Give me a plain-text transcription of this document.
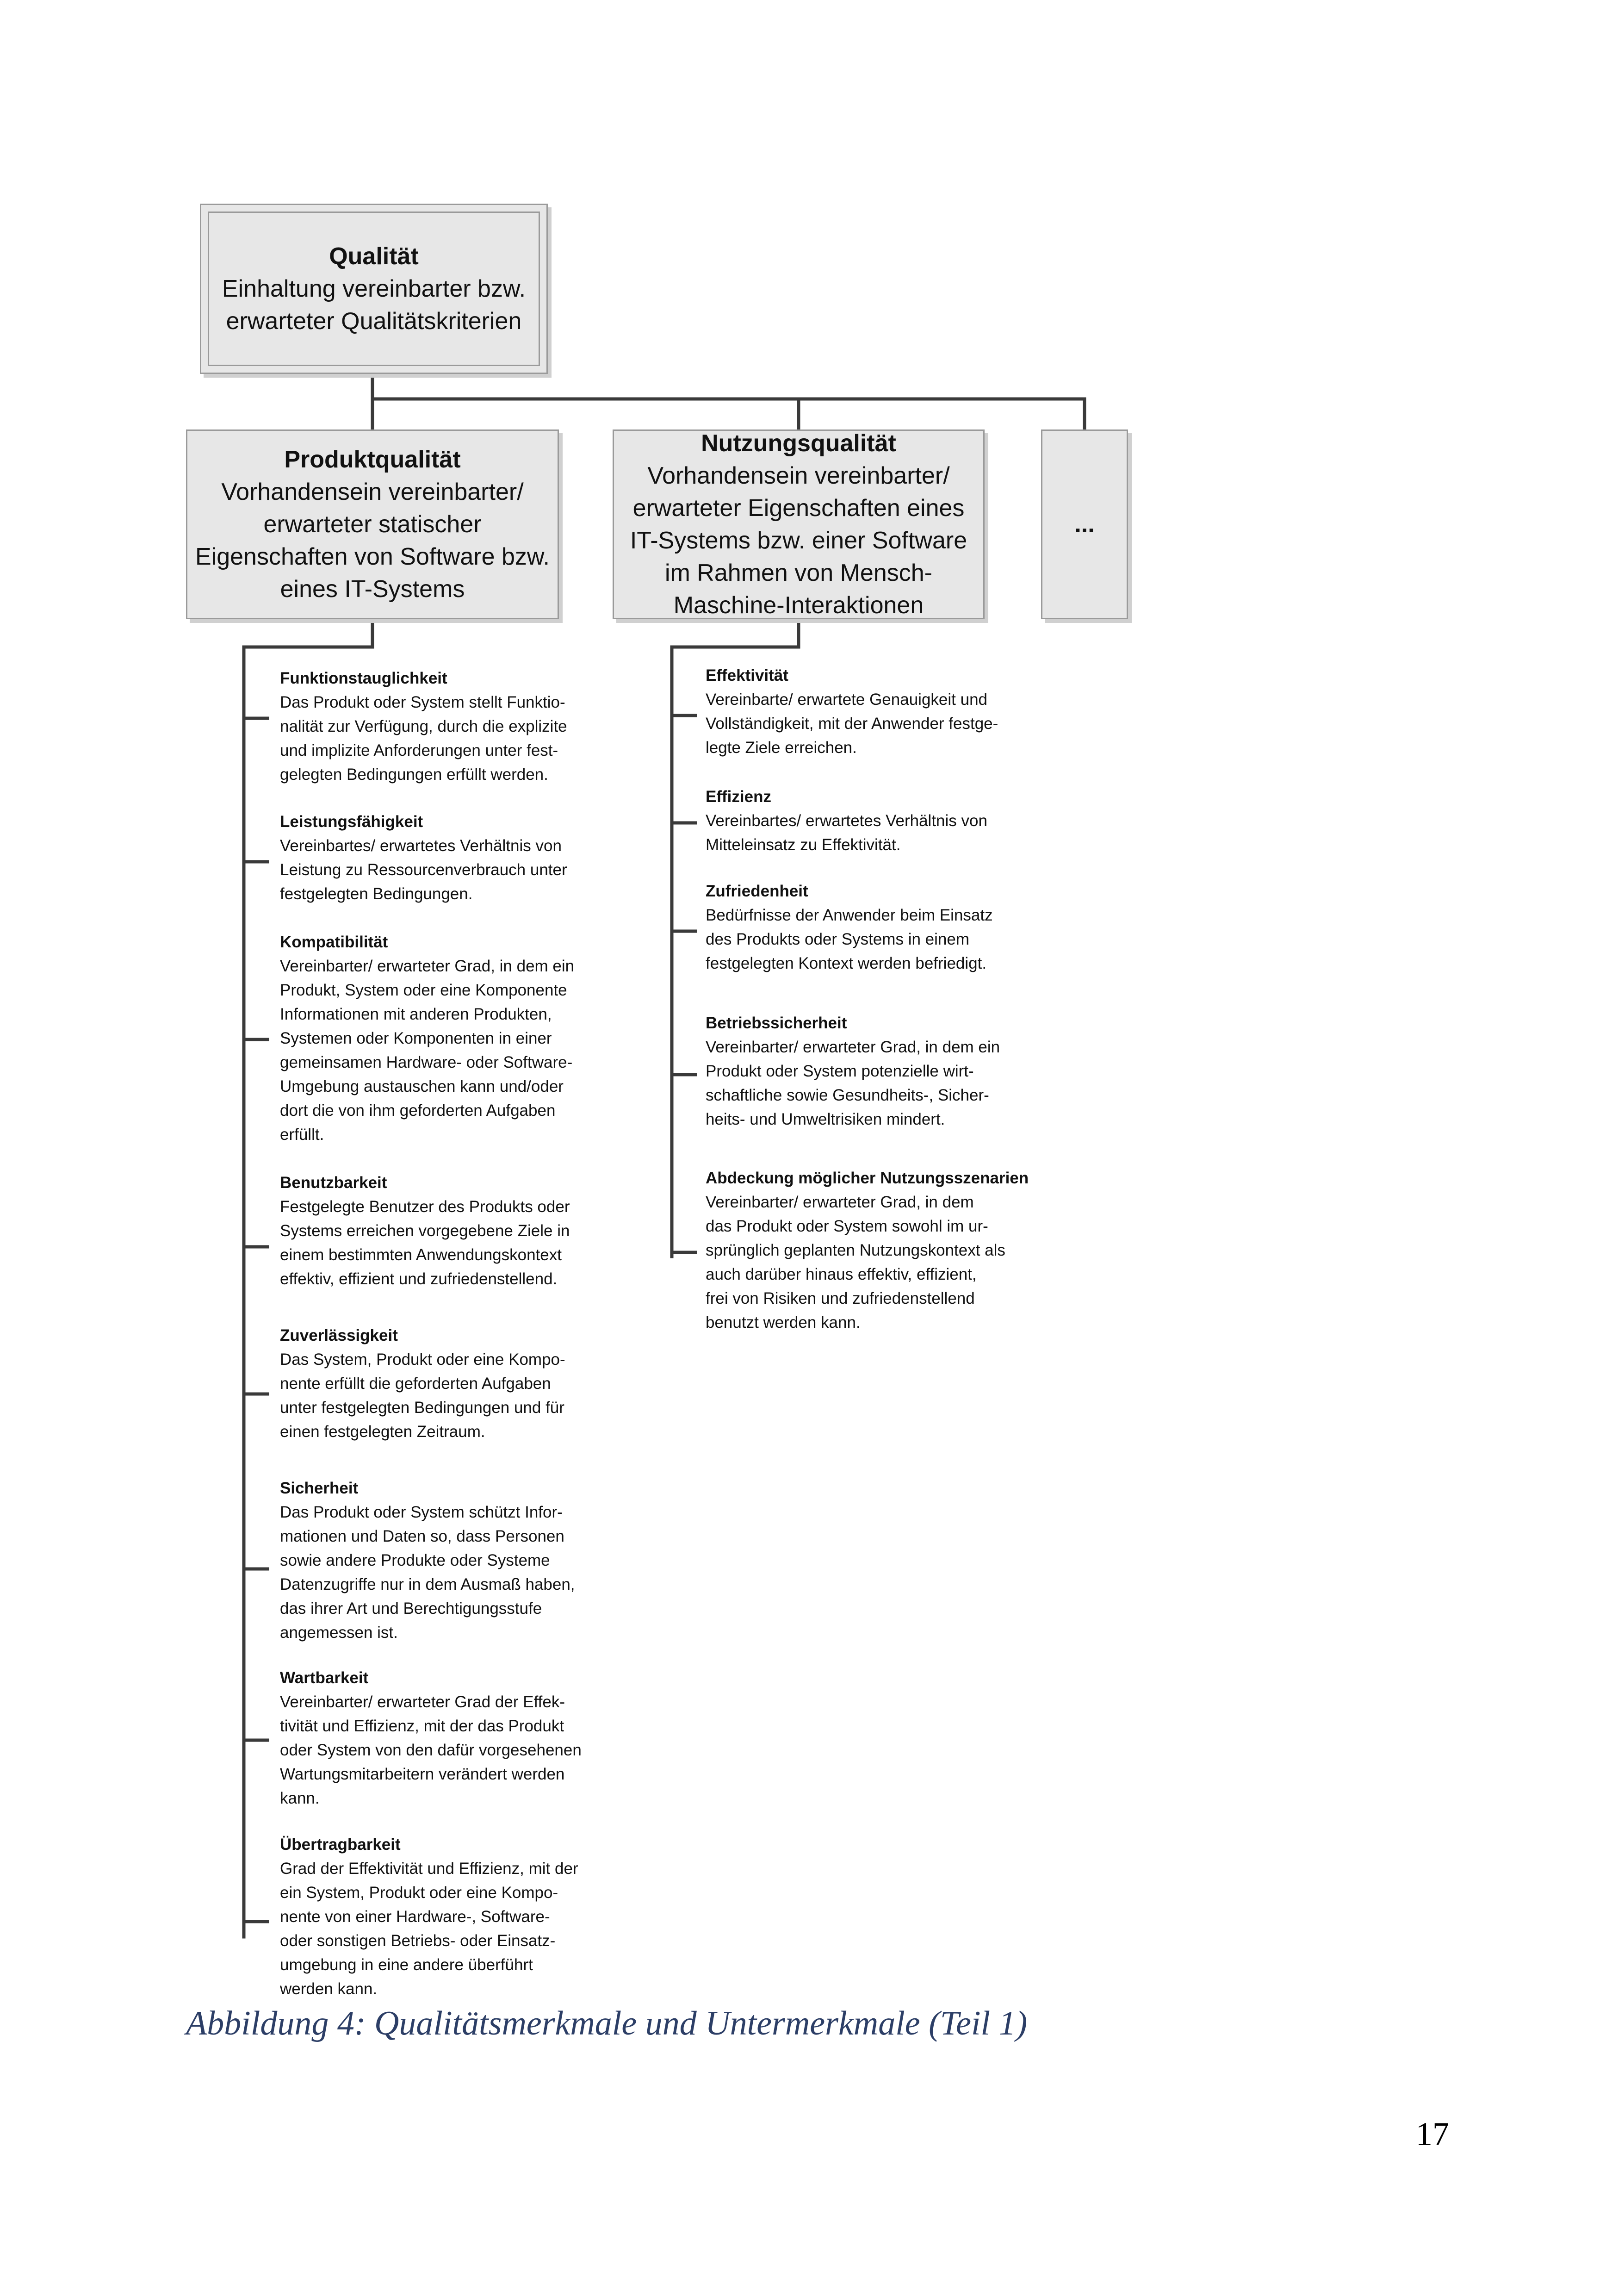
Qualität
Einhaltung vereinbarter bzw.
erwarteter Qualitätskriterien
Produktqualität
Vorhandensein vereinbarter/
erwarteter statischer
Eigenschaften von Software bzw.
eines IT-Systems
Nutzungsqualität
Vorhandensein vereinbarter/
erwarteter Eigenschaften eines
IT-Systems bzw. einer Software
im Rahmen von Mensch-
Maschine-Interaktionen
...
Funktionstauglichkeit
Das Produkt oder System stellt Funktio-
nalität zur Verfügung, durch die explizite
und implizite Anforderungen unter fest-
gelegten Bedingungen erfüllt werden.
Leistungsfähigkeit
Vereinbartes/ erwartetes Verhältnis von
Leistung zu Ressourcenverbrauch unter
festgelegten Bedingungen.
Kompatibilität
Vereinbarter/ erwarteter Grad, in dem ein
Produkt, System oder eine Komponente
Informationen mit anderen Produkten,
Systemen oder Komponenten in einer
gemeinsamen Hardware- oder Software-
Umgebung austauschen kann und/oder
dort die von ihm geforderten Aufgaben
erfüllt.
Benutzbarkeit
Festgelegte Benutzer des Produkts oder
Systems erreichen vorgegebene Ziele in
einem bestimmten Anwendungskontext
effektiv, effizient und zufriedenstellend.
Zuverlässigkeit
Das System, Produkt oder eine Kompo-
nente erfüllt die geforderten Aufgaben
unter festgelegten Bedingungen und für
einen festgelegten Zeitraum.
Sicherheit
Das Produkt oder System schützt Infor-
mationen und Daten so, dass Personen
sowie andere Produkte oder Systeme
Datenzugriffe nur in dem Ausmaß haben,
das ihrer Art und Berechtigungsstufe
angemessen ist.
Wartbarkeit
Vereinbarter/ erwarteter Grad der Effek-
tivität und Effizienz, mit der das Produkt
oder System von den dafür vorgesehenen
Wartungsmitarbeitern verändert werden
kann.
Übertragbarkeit
Grad der Effektivität und Effizienz, mit der
ein System, Produkt oder eine Kompo-
nente von einer Hardware-, Software-
oder sonstigen Betriebs- oder Einsatz-
umgebung in eine andere überführt
werden kann.
Effektivität
Vereinbarte/ erwartete Genauigkeit und
Vollständigkeit, mit der Anwender festge-
legte Ziele erreichen.
Effizienz
Vereinbartes/ erwartetes Verhältnis von
Mitteleinsatz zu Effektivität.
Zufriedenheit
Bedürfnisse der Anwender beim Einsatz
des Produkts oder Systems in einem
festgelegten Kontext werden befriedigt.
Betriebssicherheit
Vereinbarter/ erwarteter Grad, in dem ein
Produkt oder System potenzielle wirt-
schaftliche sowie Gesundheits-, Sicher-
heits- und Umweltrisiken mindert.
Abdeckung möglicher Nutzungsszenarien
Vereinbarter/ erwarteter Grad, in dem
das Produkt oder System sowohl im ur-
sprünglich geplanten Nutzungskontext als
auch darüber hinaus effektiv, effizient,
frei von Risiken und zufriedenstellend
benutzt werden kann.
Abbildung 4: Qualitätsmerkmale und Untermerkmale (Teil 1)
17
